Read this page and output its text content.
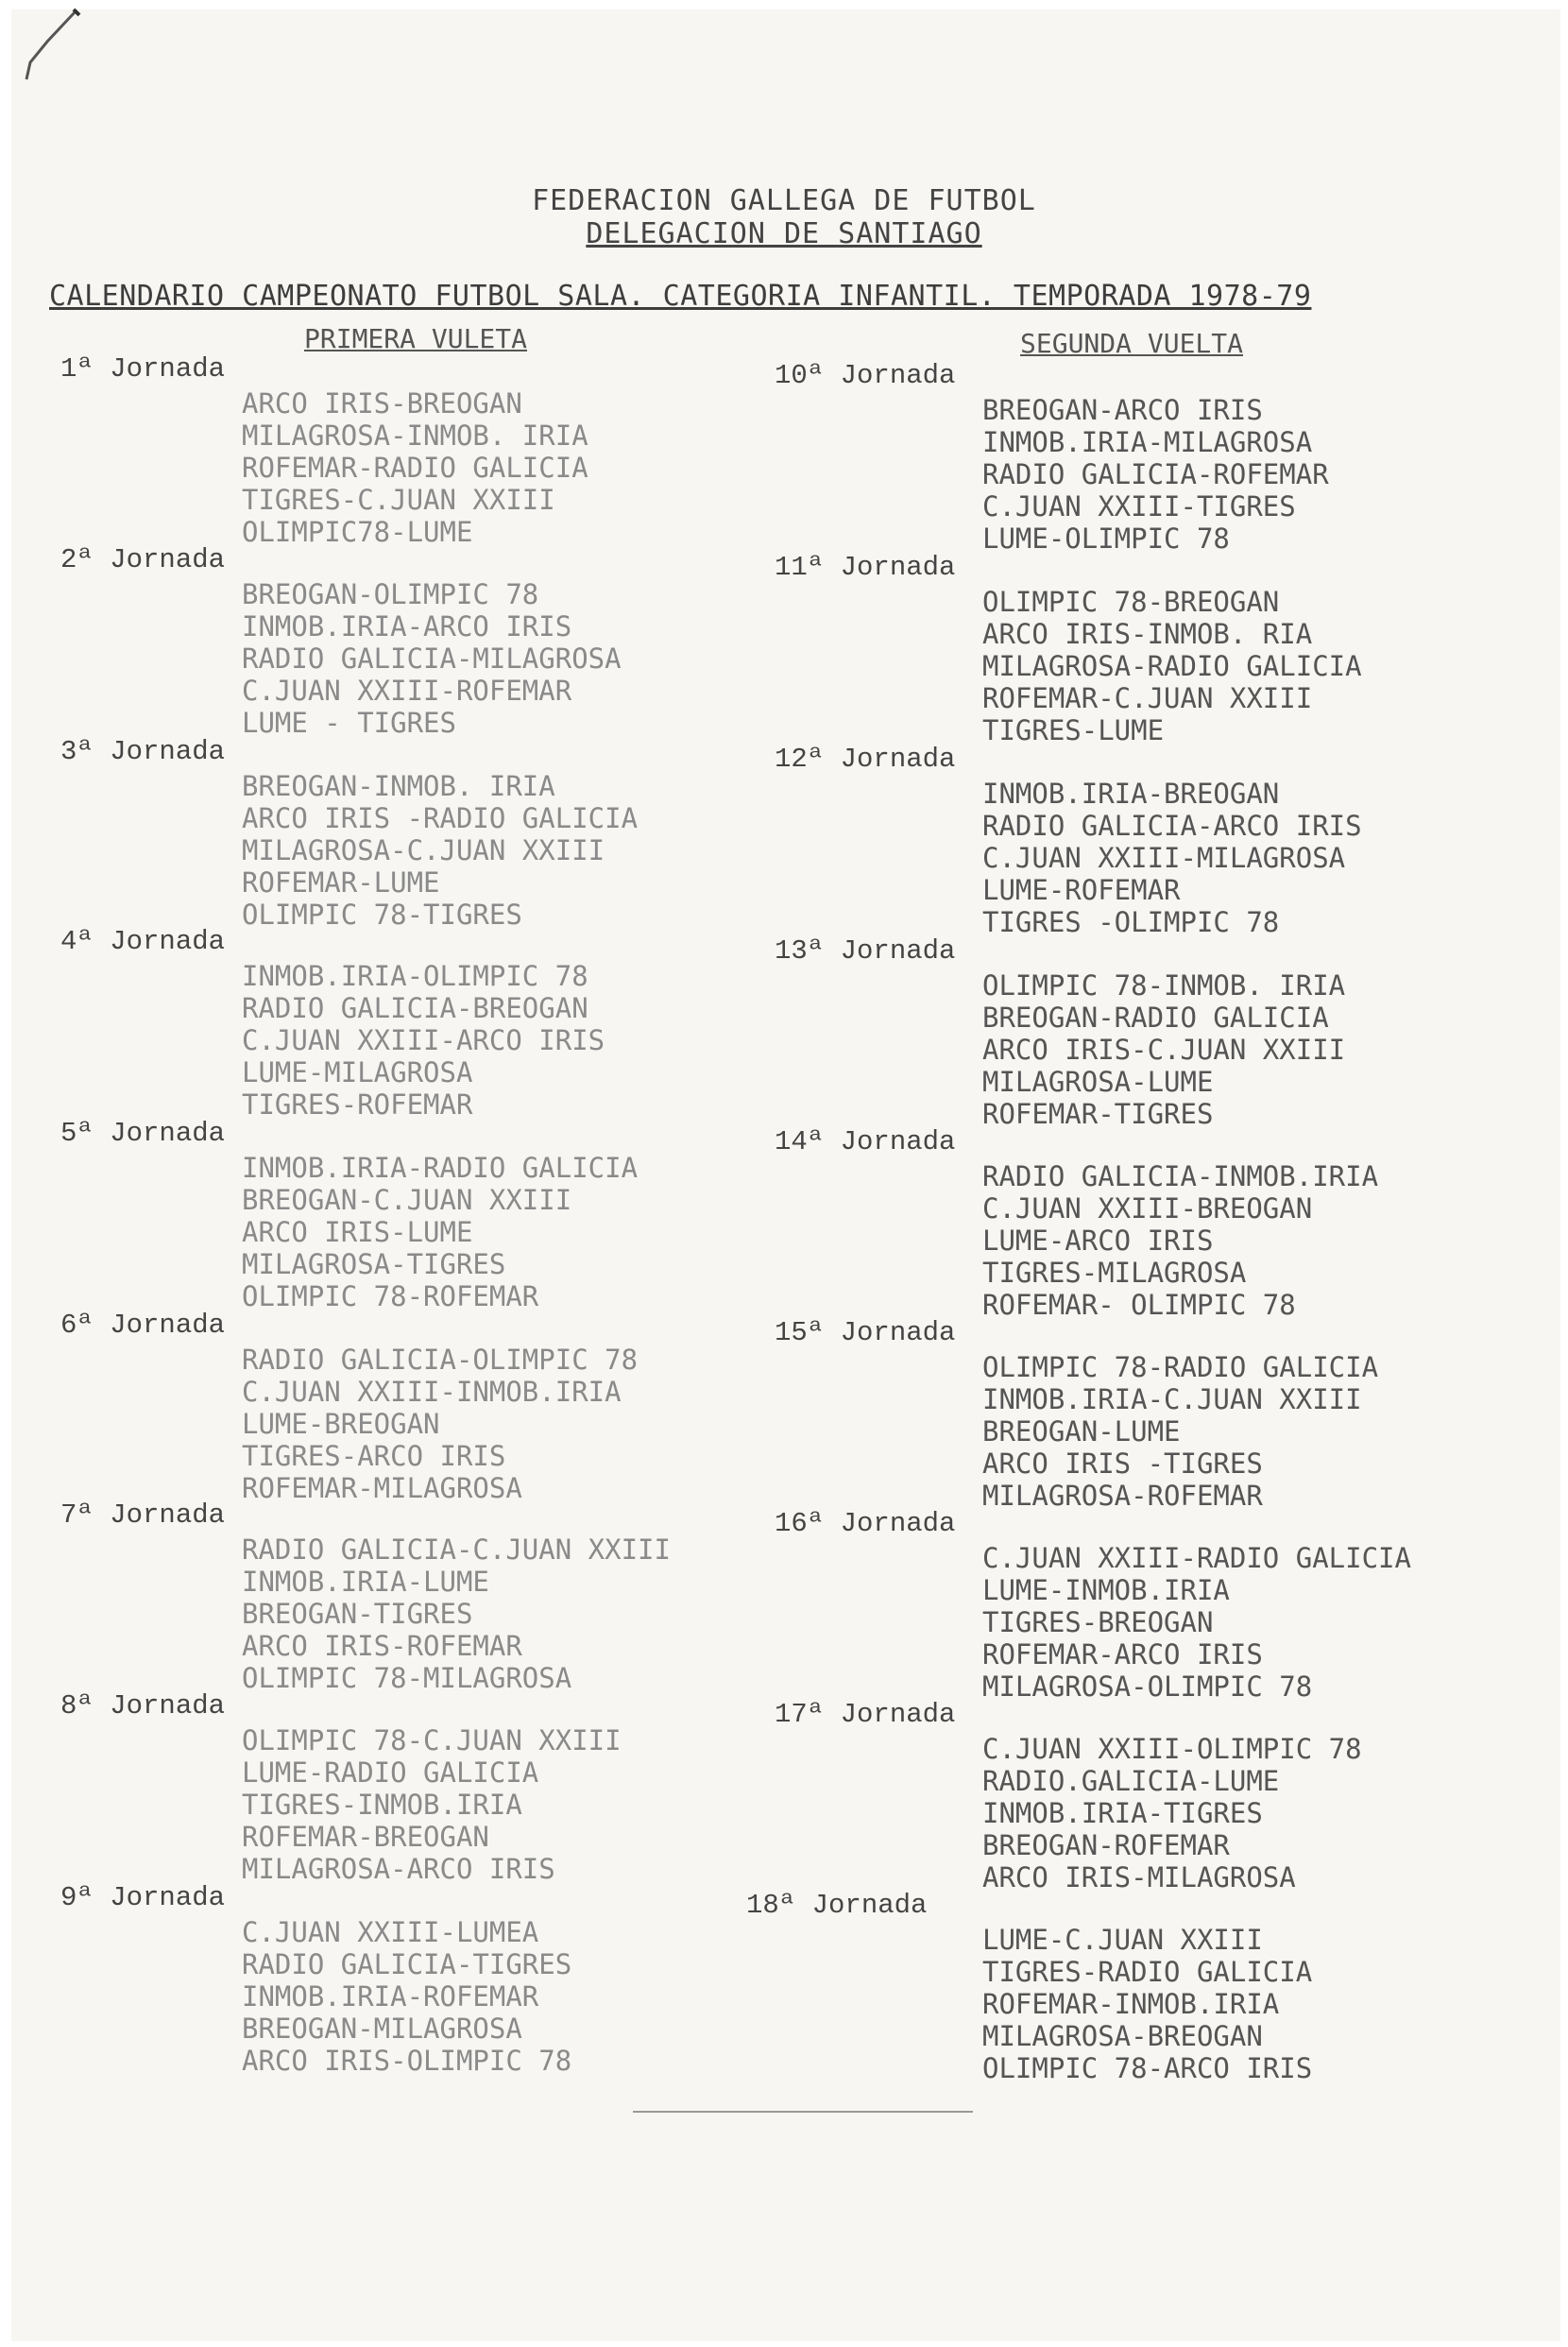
FEDERACION GALLEGA DE FUTBOL
DELEGACION DE SANTIAGO
CALENDARIO CAMPEONATO FUTBOL SALA. CATEGORIA INFANTIL. TEMPORADA 1978-79
PRIMERA VULETA	SEGUNDA VUELTA
1ª Jornada
ARCO IRIS-BREOGAN
MILAGROSA-INMOB. IRIA
ROFEMAR-RADIO GALICIA
TIGRES-C.JUAN XXIII
OLIMPIC78-LUME
2ª Jornada
BREOGAN-OLIMPIC 78
INMOB.IRIA-ARCO IRIS
RADIO GALICIA-MILAGROSA
C.JUAN XXIII-ROFEMAR
LUME - TIGRES
3ª Jornada
BREOGAN-INMOB. IRIA
ARCO IRIS -RADIO GALICIA
MILAGROSA-C.JUAN XXIII
ROFEMAR-LUME
OLIMPIC 78-TIGRES
4ª Jornada
INMOB.IRIA-OLIMPIC 78
RADIO GALICIA-BREOGAN
C.JUAN XXIII-ARCO IRIS
LUME-MILAGROSA
TIGRES-ROFEMAR
5ª Jornada
INMOB.IRIA-RADIO GALICIA
BREOGAN-C.JUAN XXIII
ARCO IRIS-LUME
MILAGROSA-TIGRES
OLIMPIC 78-ROFEMAR
6ª Jornada
RADIO GALICIA-OLIMPIC 78
C.JUAN XXIII-INMOB.IRIA
LUME-BREOGAN
TIGRES-ARCO IRIS
ROFEMAR-MILAGROSA
7ª Jornada
RADIO GALICIA-C.JUAN XXIII
INMOB.IRIA-LUME
BREOGAN-TIGRES
ARCO IRIS-ROFEMAR
OLIMPIC 78-MILAGROSA
8ª Jornada
OLIMPIC 78-C.JUAN XXIII
LUME-RADIO GALICIA
TIGRES-INMOB.IRIA
ROFEMAR-BREOGAN
MILAGROSA-ARCO IRIS
9ª Jornada
C.JUAN XXIII-LUMEA
RADIO GALICIA-TIGRES
INMOB.IRIA-ROFEMAR
BREOGAN-MILAGROSA
ARCO IRIS-OLIMPIC 78
10ª Jornada
BREOGAN-ARCO IRIS
INMOB.IRIA-MILAGROSA
RADIO GALICIA-ROFEMAR
C.JUAN XXIII-TIGRES
LUME-OLIMPIC 78
11ª Jornada
OLIMPIC 78-BREOGAN
ARCO IRIS-INMOB. RIA
MILAGROSA-RADIO GALICIA
ROFEMAR-C.JUAN XXIII
TIGRES-LUME
12ª Jornada
INMOB.IRIA-BREOGAN
RADIO GALICIA-ARCO IRIS
C.JUAN XXIII-MILAGROSA
LUME-ROFEMAR
TIGRES -OLIMPIC 78
13ª Jornada
OLIMPIC 78-INMOB. IRIA
BREOGAN-RADIO GALICIA
ARCO IRIS-C.JUAN XXIII
MILAGROSA-LUME
ROFEMAR-TIGRES
14ª Jornada
RADIO GALICIA-INMOB.IRIA
C.JUAN XXIII-BREOGAN
LUME-ARCO IRIS
TIGRES-MILAGROSA
ROFEMAR- OLIMPIC 78
15ª Jornada
OLIMPIC 78-RADIO GALICIA
INMOB.IRIA-C.JUAN XXIII
BREOGAN-LUME
ARCO IRIS -TIGRES
MILAGROSA-ROFEMAR
16ª Jornada
C.JUAN XXIII-RADIO GALICIA
LUME-INMOB.IRIA
TIGRES-BREOGAN
ROFEMAR-ARCO IRIS
MILAGROSA-OLIMPIC 78
17ª Jornada
C.JUAN XXIII-OLIMPIC 78
RADIO.GALICIA-LUME
INMOB.IRIA-TIGRES
BREOGAN-ROFEMAR
ARCO IRIS-MILAGROSA
18ª Jornada
LUME-C.JUAN XXIII
TIGRES-RADIO GALICIA
ROFEMAR-INMOB.IRIA
MILAGROSA-BREOGAN
OLIMPIC 78-ARCO IRIS
